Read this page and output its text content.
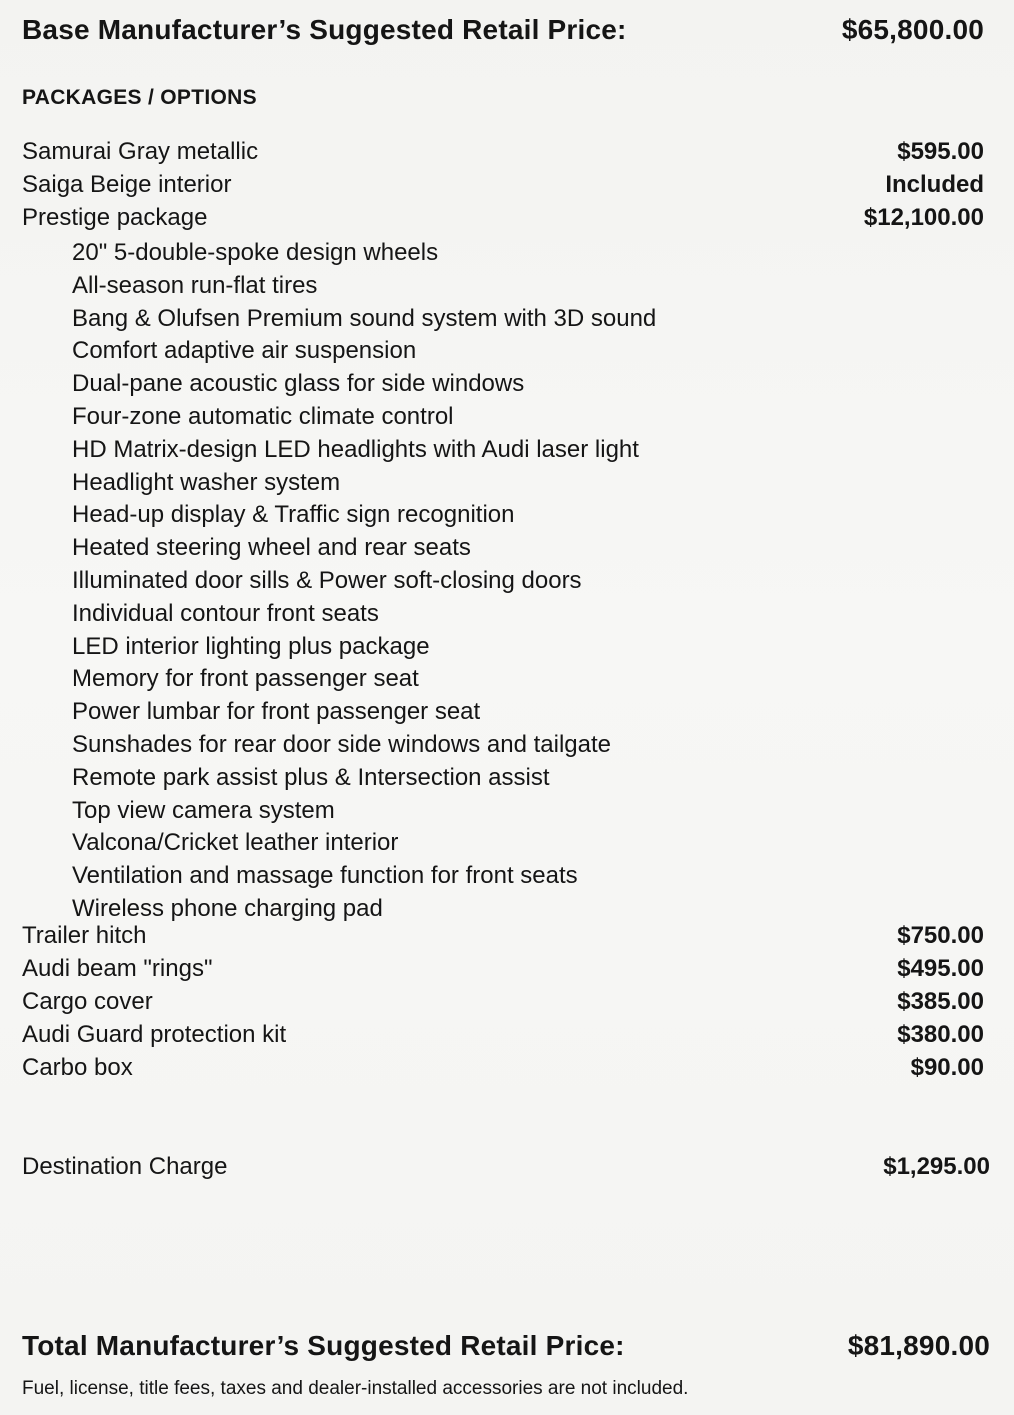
Base Manufacturer’s Suggested Retail Price:	$65,800.00
PACKAGES / OPTIONS
Samurai Gray metallic	$595.00
Saiga Beige interior	Included
Prestige package	$12,100.00
20" 5-double-spoke design wheels
All-season run-flat tires
Bang & Olufsen Premium sound system with 3D sound
Comfort adaptive air suspension
Dual-pane acoustic glass for side windows
Four-zone automatic climate control
HD Matrix-design LED headlights with Audi laser light
Headlight washer system
Head-up display & Traffic sign recognition
Heated steering wheel and rear seats
Illuminated door sills & Power soft-closing doors
Individual contour front seats
LED interior lighting plus package
Memory for front passenger seat
Power lumbar for front passenger seat
Sunshades for rear door side windows and tailgate
Remote park assist plus & Intersection assist
Top view camera system
Valcona/Cricket leather interior
Ventilation and massage function for front seats
Wireless phone charging pad
Trailer hitch	$750.00
Audi beam "rings"	$495.00
Cargo cover	$385.00
Audi Guard protection kit	$380.00
Carbo box	$90.00
Destination Charge	$1,295.00
Total Manufacturer’s Suggested Retail Price:	$81,890.00
Fuel, license, title fees, taxes and dealer-installed accessories are not included.
